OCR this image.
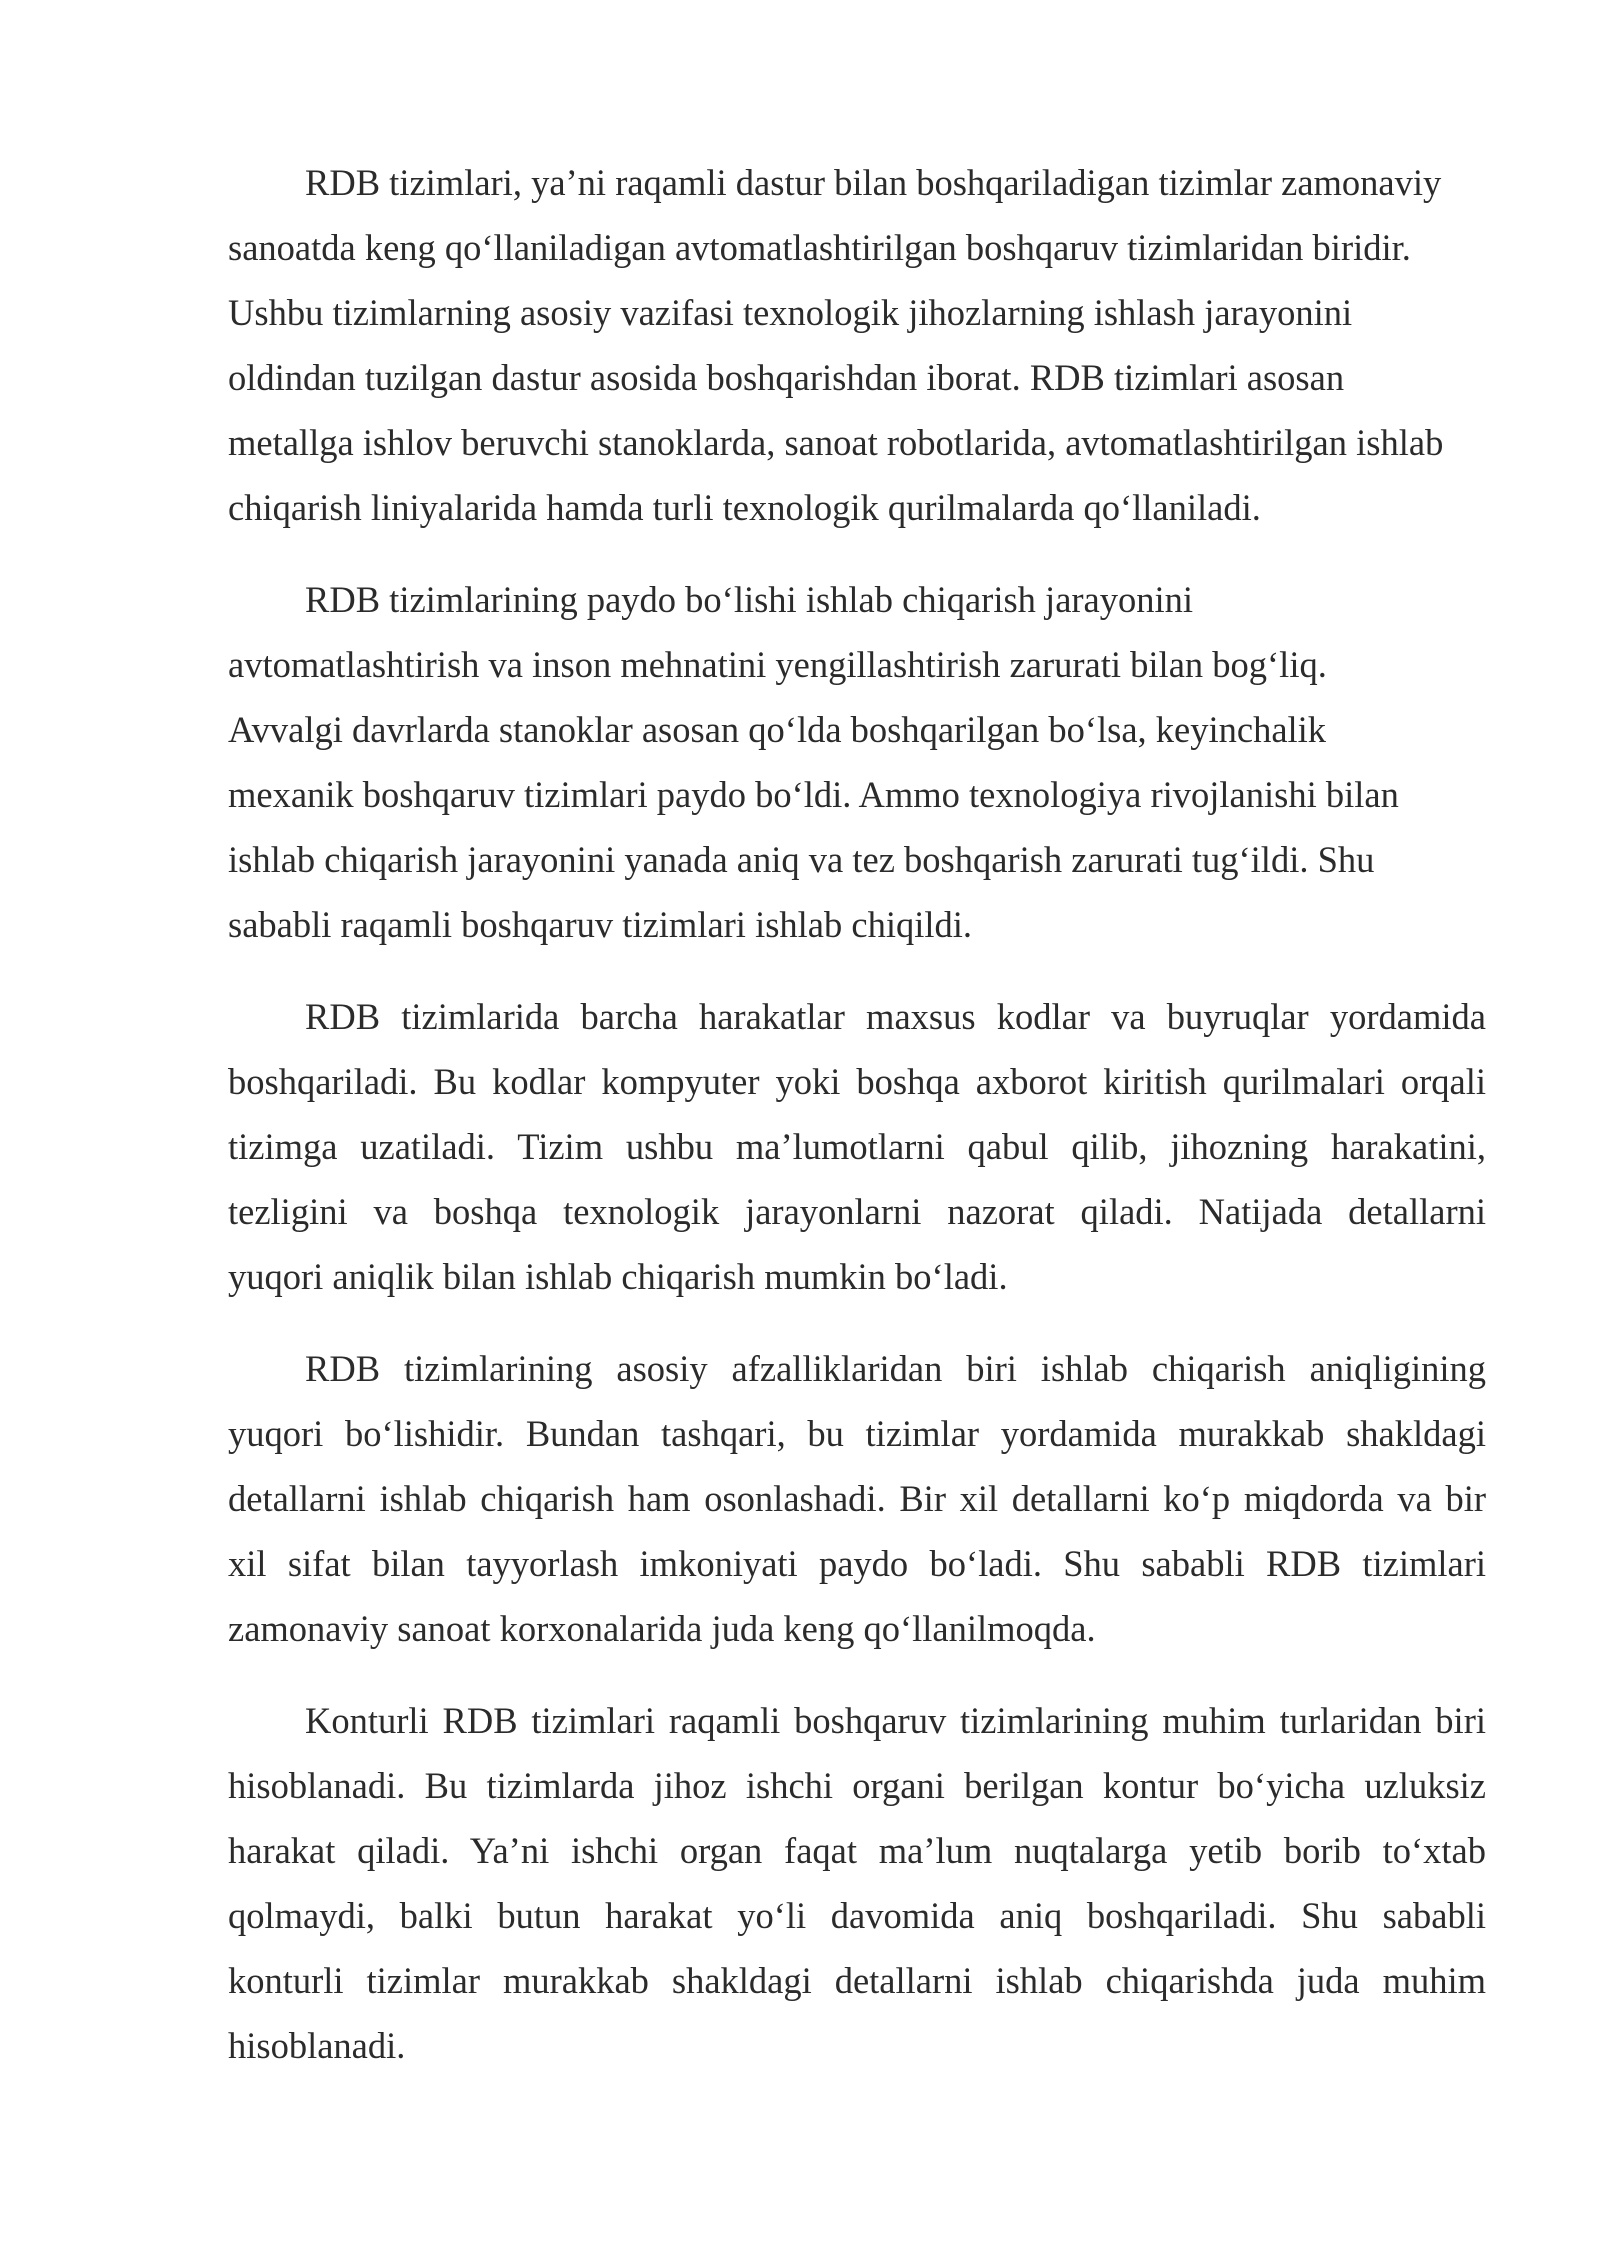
RDB tizimlari, ya’ni raqamli dastur bilan boshqariladigan tizimlar zamonaviy
sanoatda keng qo‘llaniladigan avtomatlashtirilgan boshqaruv tizimlaridan biridir.
Ushbu tizimlarning asosiy vazifasi texnologik jihozlarning ishlash jarayonini
oldindan tuzilgan dastur asosida boshqarishdan iborat. RDB tizimlari asosan
metallga ishlov beruvchi stanoklarda, sanoat robotlarida, avtomatlashtirilgan ishlab
chiqarish liniyalarida hamda turli texnologik qurilmalarda qo‘llaniladi.
RDB tizimlarining paydo bo‘lishi ishlab chiqarish jarayonini
avtomatlashtirish va inson mehnatini yengillashtirish zarurati bilan bog‘liq.
Avvalgi davrlarda stanoklar asosan qo‘lda boshqarilgan bo‘lsa, keyinchalik
mexanik boshqaruv tizimlari paydo bo‘ldi. Ammo texnologiya rivojlanishi bilan
ishlab chiqarish jarayonini yanada aniq va tez boshqarish zarurati tug‘ildi. Shu
sababli raqamli boshqaruv tizimlari ishlab chiqildi.
RDB tizimlarida barcha harakatlar maxsus kodlar va buyruqlar yordamida
boshqariladi. Bu kodlar kompyuter yoki boshqa axborot kiritish qurilmalari orqali
tizimga uzatiladi. Tizim ushbu ma’lumotlarni qabul qilib, jihozning harakatini,
tezligini va boshqa texnologik jarayonlarni nazorat qiladi. Natijada detallarni
yuqori aniqlik bilan ishlab chiqarish mumkin bo‘ladi.
RDB tizimlarining asosiy afzalliklaridan biri ishlab chiqarish aniqligining
yuqori bo‘lishidir. Bundan tashqari, bu tizimlar yordamida murakkab shakldagi
detallarni ishlab chiqarish ham osonlashadi. Bir xil detallarni ko‘p miqdorda va bir
xil sifat bilan tayyorlash imkoniyati paydo bo‘ladi. Shu sababli RDB tizimlari
zamonaviy sanoat korxonalarida juda keng qo‘llanilmoqda.
Konturli RDB tizimlari raqamli boshqaruv tizimlarining muhim turlaridan biri
hisoblanadi. Bu tizimlarda jihoz ishchi organi berilgan kontur bo‘yicha uzluksiz
harakat qiladi. Ya’ni ishchi organ faqat ma’lum nuqtalarga yetib borib to‘xtab
qolmaydi, balki butun harakat yo‘li davomida aniq boshqariladi. Shu sababli
konturli tizimlar murakkab shakldagi detallarni ishlab chiqarishda juda muhim
hisoblanadi.
